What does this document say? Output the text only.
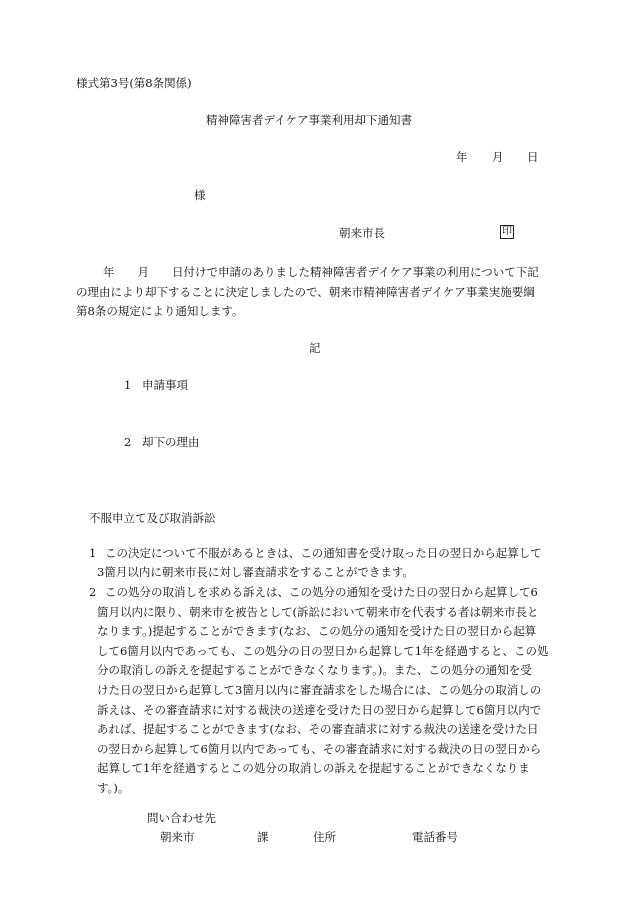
様式第3号(第8条関係)
精神障害者デイケア事業利用却下通知書
年 月 日
様
朝来市長	印
年　　月　　日付けで申請のありました精神障害者デイケア事業の利用について下記
の理由により却下することに決定しましたので、朝来市精神障害者デイケア事業実施要綱
第8条の規定により通知します。
記
1 申請事項
2 却下の理由
不服申立て及び取消訴訟
1 この決定について不服があるときは、この通知書を受け取った日の翌日から起算して
3箇月以内に朝来市長に対し審査請求をすることができます。
2 この処分の取消しを求める訴えは、この処分の通知を受けた日の翌日から起算して6
箇月以内に限り、朝来市を被告として(訴訟において朝来市を代表する者は朝来市長と
なります。)提起することができます(なお、この処分の通知を受けた日の翌日から起算
して6箇月以内であっても、この処分の日の翌日から起算して1年を経過すると、この処
分の取消しの訴えを提起することができなくなります。)。また、この処分の通知を受
けた日の翌日から起算して3箇月以内に審査請求をした場合には、この処分の取消しの
訴えは、その審査請求に対する裁決の送達を受けた日の翌日から起算して6箇月以内で
あれば、提起することができます(なお、その審査請求に対する裁決の送達を受けた日
の翌日から起算して6箇月以内であっても、その審査請求に対する裁決の日の翌日から
起算して1年を経過するとこの処分の取消しの訴えを提起することができなくなりま
す。)。
問い合わせ先
朝来市	課	住所	電話番号
